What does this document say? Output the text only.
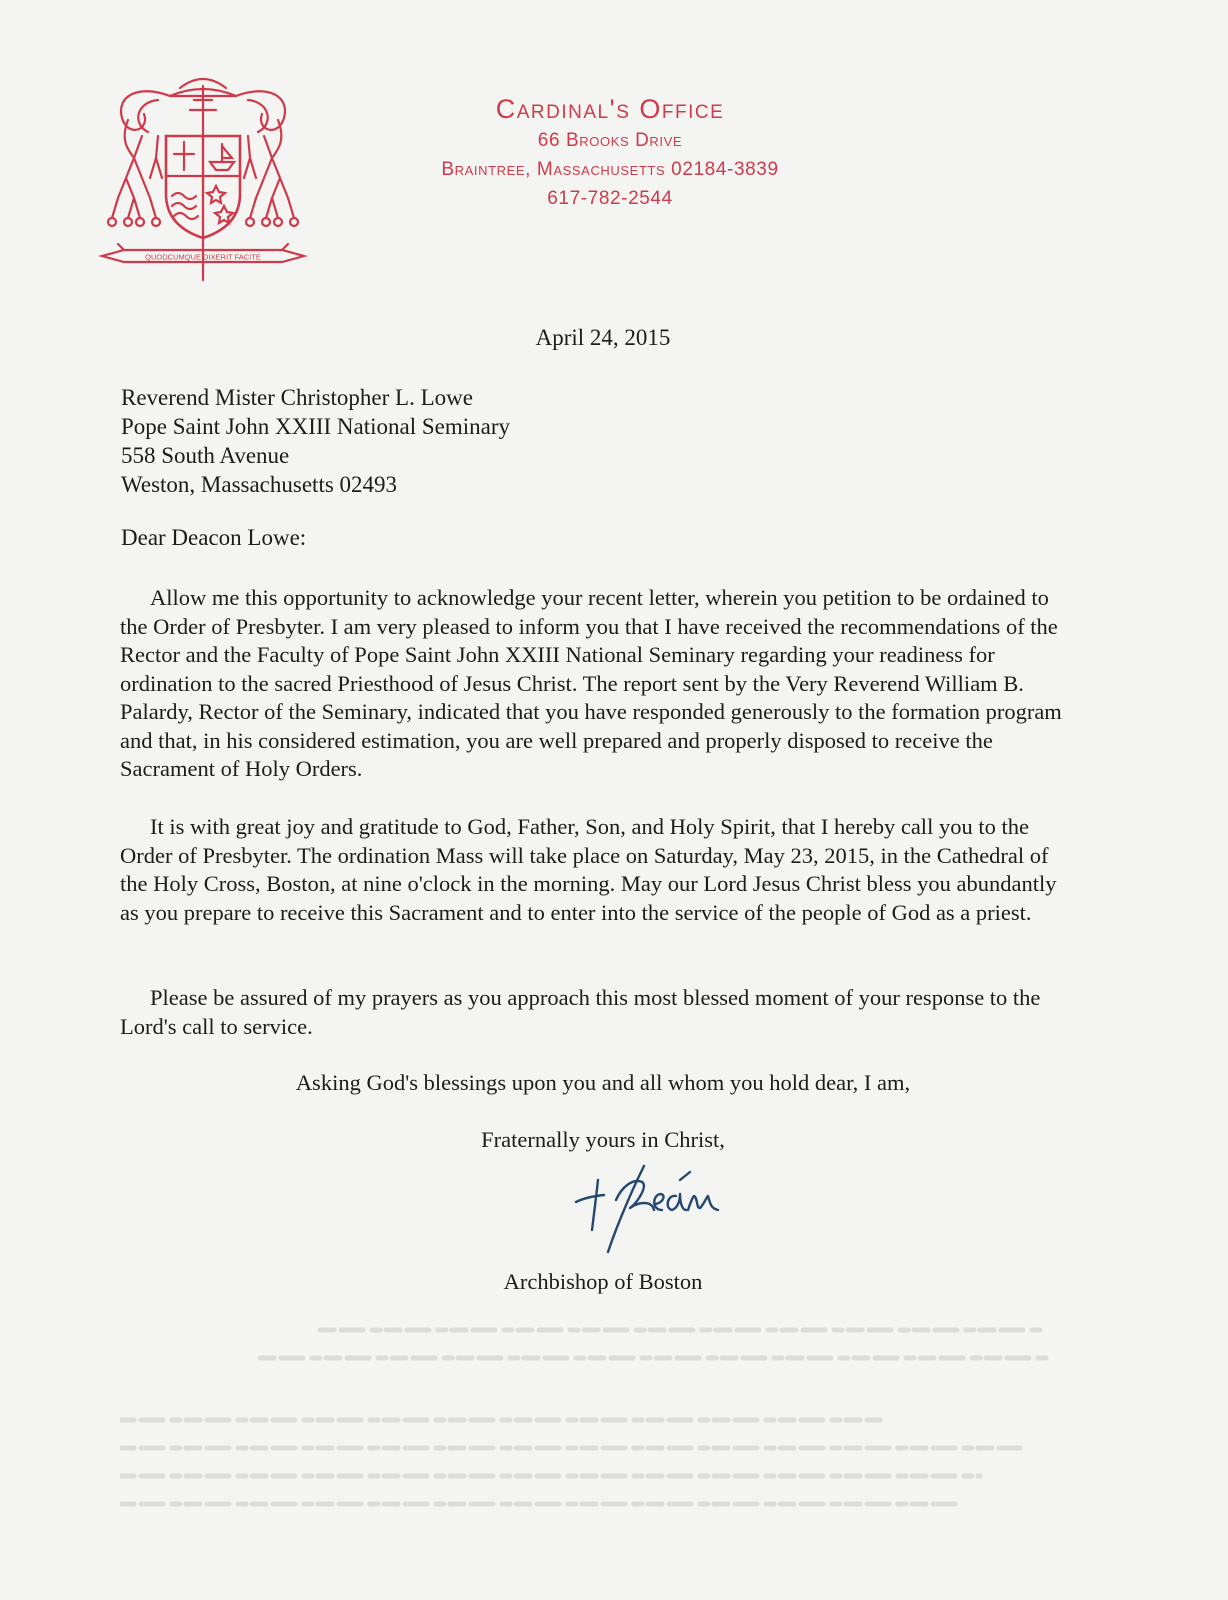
QUODCUMQUE DIXERIT FACITE
Cardinal's Office
66 Brooks Drive
Braintree, Massachusetts 02184-3839
617-782-2544
April 24, 2015
Reverend Mister Christopher L. Lowe
Pope Saint John XXIII National Seminary
558 South Avenue
Weston, Massachusetts 02493
Dear Deacon Lowe:

Allow me this opportunity to acknowledge your recent letter, wherein you petition to be ordained to the Order of Presbyter. I am very pleased to inform you that I have received the recommendations of the Rector and the Faculty of Pope Saint John XXIII National Seminary regarding your readiness for ordination to the sacred Priesthood of Jesus Christ. The report sent by the Very Reverend William B. Palardy, Rector of the Seminary, indicated that you have responded generously to the formation program and that, in his considered estimation, you are well prepared and properly disposed to receive the Sacrament of Holy Orders.

It is with great joy and gratitude to God, Father, Son, and Holy Spirit, that I hereby call you to the Order of Presbyter. The ordination Mass will take place on Saturday, May 23, 2015, in the Cathedral of the Holy Cross, Boston, at nine o'clock in the morning. May our Lord Jesus Christ bless you abundantly as you prepare to receive this Sacrament and to enter into the service of the people of God as a priest.

Please be assured of my prayers as you approach this most blessed moment of your response to the Lord's call to service.

Asking God's blessings upon you and all whom you hold dear, I am,
Fraternally yours in Christ,
Archbishop of Boston
